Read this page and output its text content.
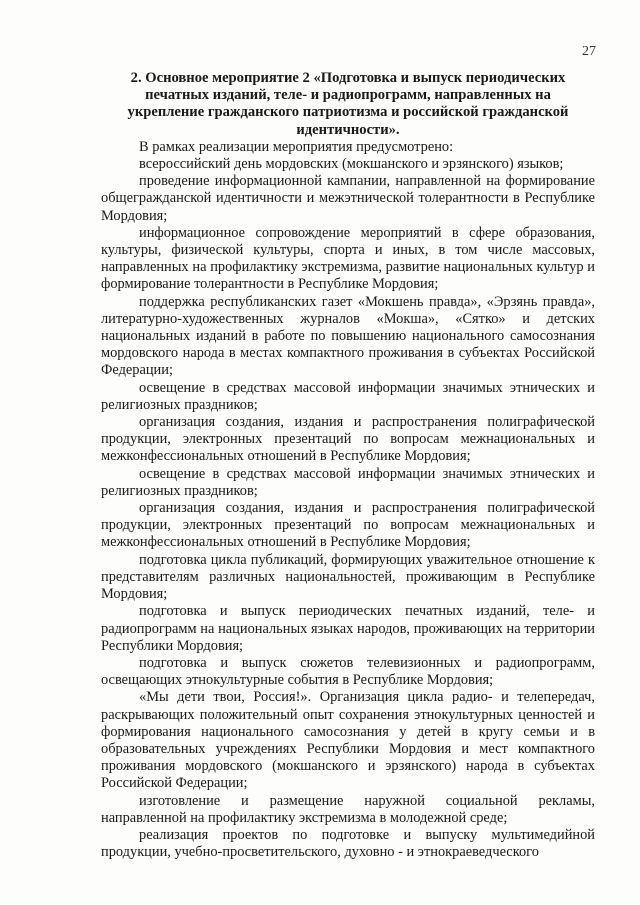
27

2. Основное мероприятие 2 «Подготовка и выпуск периодических печатных изданий, теле- и радиопрограмм, направленных на укрепление гражданского патриотизма и российской гражданской идентичности».

В рамках реализации мероприятия предусмотрено:

всероссийский день мордовских (мокшанского и эрзянского) языков;

проведение информационной кампании, направленной на формирование общегражданской идентичности и межэтнической толерантности в Республике Мордовия;

информационное сопровождение мероприятий в сфере образования, культуры, физической культуры, спорта и иных, в том числе массовых, направленных на профилактику экстремизма, развитие национальных культур и формирование толерантности в Республике Мордовия;

поддержка республиканских газет «Мокшень правда», «Эрзянь правда», литературно-художественных журналов «Мокша», «Сятко» и детских национальных изданий в работе по повышению национального самосознания мордовского народа в местах компактного проживания в субъектах Российской Федерации;

освещение в средствах массовой информации значимых этнических и религиозных праздников;

организация создания, издания и распространения полиграфической продукции, электронных презентаций по вопросам межнациональных и межконфессиональных отношений в Республике Мордовия;

освещение в средствах массовой информации значимых этнических и религиозных праздников;

организация создания, издания и распространения полиграфической продукции, электронных презентаций по вопросам межнациональных и межконфессиональных отношений в Республике Мордовия;

подготовка цикла публикаций, формирующих уважительное отношение к представителям различных национальностей, проживающим в Республике Мордовия;

подготовка и выпуск периодических печатных изданий, теле- и радиопрограмм на национальных языках народов, проживающих на территории Республики Мордовия;

подготовка и выпуск сюжетов телевизионных и радиопрограмм, освещающих этнокультурные события в Республике Мордовия;

«Мы дети твои, Россия!». Организация цикла радио- и телепередач, раскрывающих положительный опыт сохранения этнокультурных ценностей и формирования национального самосознания у детей в кругу семьи и в образовательных учреждениях Республики Мордовия и мест компактного проживания мордовского (мокшанского и эрзянского) народа в субъектах Российской Федерации;

изготовление и размещение наружной социальной рекламы, направленной на профилактику экстремизма в молодежной среде;

реализация проектов по подготовке и выпуску мультимедийной продукции, учебно-просветительского, духовно - и этнокраеведческого
